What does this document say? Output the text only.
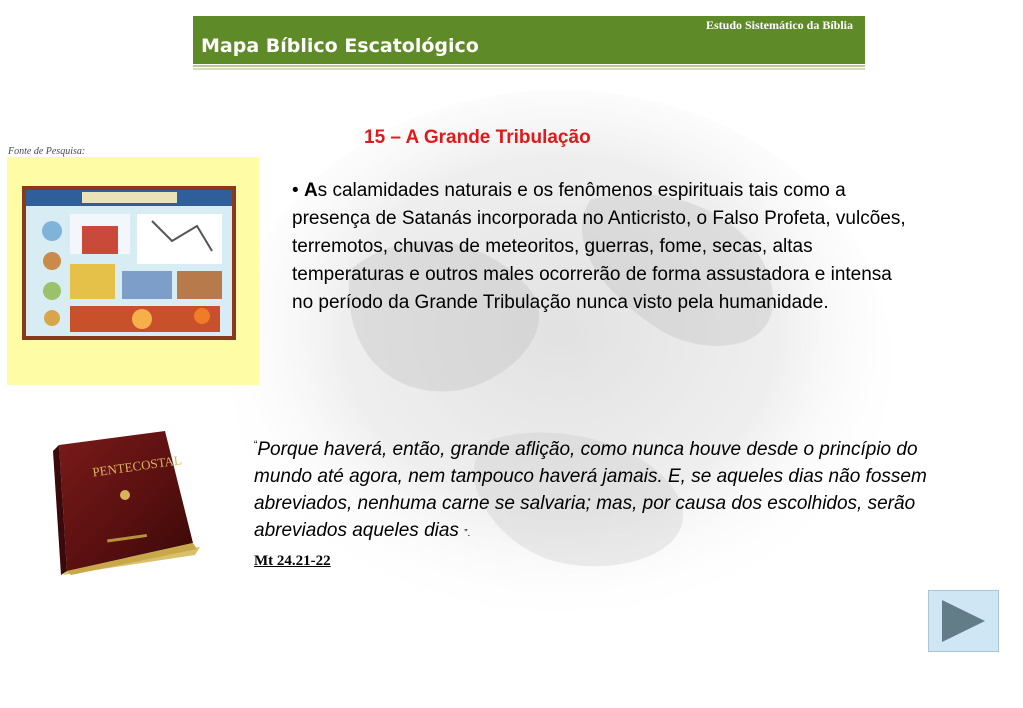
Estudo Sistemático da Bíblia
Mapa Bíblico Escatológico
15 – A Grande Tribulação
Fonte de Pesquisa:
• As calamidades naturais e os fenômenos espirituais tais como a presença de Satanás incorporada no Anticristo, o Falso Profeta, vulcões, terremotos, chuvas de meteoritos, guerras, fome, secas, altas temperaturas e outros males ocorrerão de forma assustadora e intensa no período da Grande Tribulação nunca visto pela humanidade.
PENTECOSTAL
“Porque haverá, então, grande aflição, como nunca houve desde o princípio do mundo até agora, nem tampouco haverá jamais. E, se aqueles dias não fossem abreviados, nenhuma carne se salvaria; mas, por causa dos escolhidos, serão abreviados aqueles dias ”.
Mt 24.21-22
